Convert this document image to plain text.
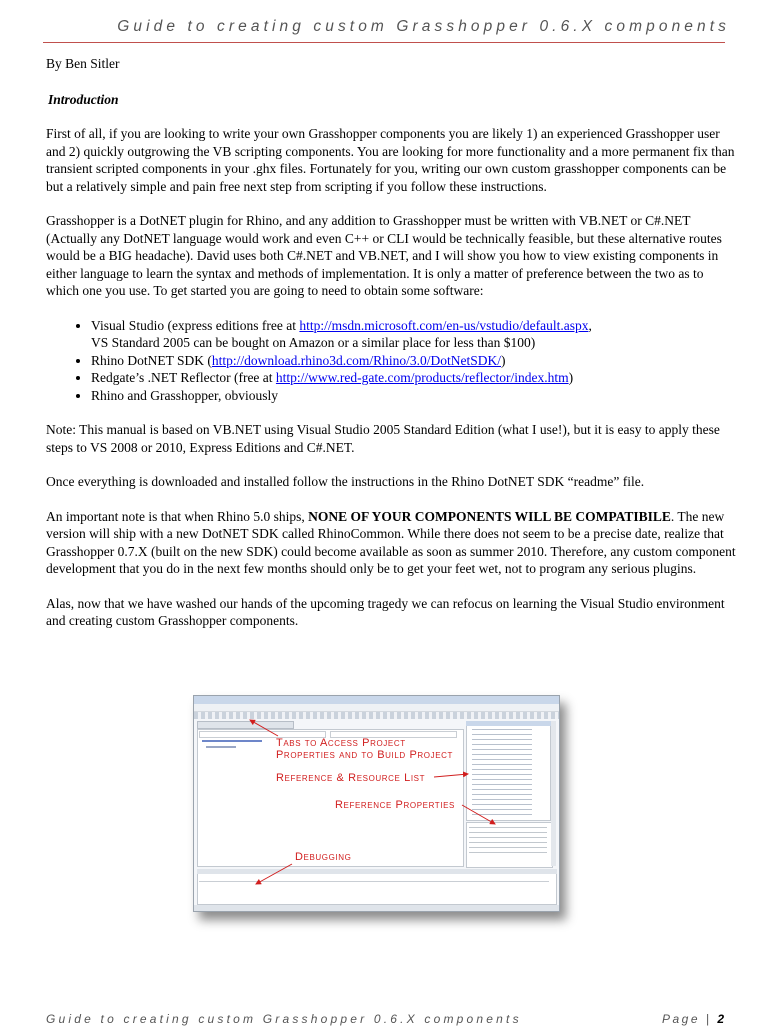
Guide to creating custom Grasshopper 0.6.X components

By Ben Sitler

Introduction

First of all, if you are looking to write your own Grasshopper components you are likely 1) an experienced Grasshopper user and 2) quickly outgrowing the VB scripting components. You are looking for more functionality and a more permanent fix than transient scripted components in your .ghx files. Fortunately for you, writing our own custom grasshopper components can be but a relatively simple and pain free next step from scripting if you follow these instructions.

Grasshopper is a DotNET plugin for Rhino, and any addition to Grasshopper must be written with VB.NET or C#.NET (Actually any DotNET language would work and even C++ or CLI would be technically feasible, but these alternative routes would be a BIG headache). David uses both C#.NET and VB.NET, and I will show you how to view existing components in either language to learn the syntax and methods of implementation. It is only a matter of preference between the two as to which one you use. To get started you are going to need to obtain some software:

• Visual Studio (express editions free at http://msdn.microsoft.com/en-us/vstudio/default.aspx,
VS Standard 2005 can be bought on Amazon or a similar place for less than $100)
• Rhino DotNET SDK (http://download.rhino3d.com/Rhino/3.0/DotNetSDK/)
• Redgate’s .NET Reflector (free at http://www.red-gate.com/products/reflector/index.htm)
• Rhino and Grasshopper, obviously

Note: This manual is based on VB.NET using Visual Studio 2005 Standard Edition (what I use!), but it is easy to apply these steps to VS 2008 or 2010, Express Editions and C#.NET.

Once everything is downloaded and installed follow the instructions in the Rhino DotNET SDK “readme” file.

An important note is that when Rhino 5.0 ships, NONE OF YOUR COMPONENTS WILL BE COMPATIBILE. The new version will ship with a new DotNET SDK called RhinoCommon. While there does not seem to be a precise date, realize that Grasshopper 0.7.X (built on the new SDK) could become available as soon as summer 2010. Therefore, any custom component development that you do in the next few months should only be to get your feet wet, not to program any serious plugins.

Alas, now that we have washed our hands of the upcoming tragedy we can refocus on learning the Visual Studio environment and creating custom Grasshopper components.

Tabs to Access Project
Properties and to Build Project
Reference & Resource List
Reference Properties
Debugging
Guide to creating custom Grasshopper 0.6.X components	Page | 2
